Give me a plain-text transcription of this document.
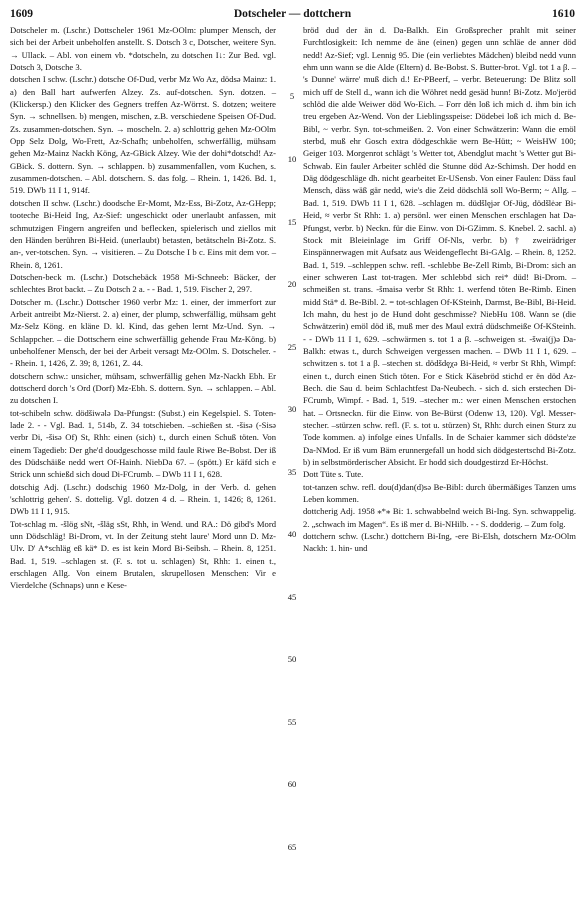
1609	Dotscheler — dottchern	1610

Dotscheler m. (Lschr.) Dottscheler 1961 Mz-OOlm: plumper Mensch, der sich bei der Arbeit unbeholfen anstellt. S. Dotsch 3 c, Dotscher, weitere Syn. → Ullack. – Abl. von einem vb. *dotscheln, zu dotschen I↓: Zur Bed. vgl. Dotsch 3, Dotsche 3.

dotschen I schw. (Lschr.) dotsche Of-Dud, verbr Mz Wo Az, dödsə Mainz: 1. a) den Ball hart aufwerfen Alzey. Zs. auf-dotschen. Syn. dotzen. – (Klickersp.) den Klicker des Gegners treffen Az-Wörrst. S. dotzen; weitere Syn. → schnellsen. b) mengen, mischen, z.B. verschiedene Speisen Of-Dud. Zs. zusammen-dotschen. Syn. → moscheln. 2. a) schlottrig gehen Mz-OOlm Opp Selz Dolg, Wo-Frett, Az-Schafh; unbeholfen, schwerfällig, mühsam gehen Mz-Mainz Nackh Köng, Az-GBick Alzey. Wie der dohi*dotschd! Az-GBick. S. dottern. Syn. → schlappen. b) zusammenfallen, vom Kuchen, s. zusammen-dotschen. – Abl. dotschern. S. das folg. – Rhein. 1, 1426. Bd. 1, 519. DWb 11 I 1, 914f.

dotschen II schw. (Lschr.) doodsche Er-Momt, Mz-Ess, Bi-Zotz, Az-GHepp; tooteche Bi-Heid Ing, Az-Sief: ungeschickt oder unerlaubt anfassen, mit schmutzigen Fingern angreifen und beflecken, spielerisch und ziellos mit den Händen berühren Bi-Heid. (unerlaubt) betasten, betätscheln Bi-Zotz. S. an-, ver-totschen. Syn. → visitieren. – Zu Dotsche I b c. Eins mit dem vor. – Rhein. 8, 1261.

Dotschen-beck m. (Lschr.) Dotschebäck 1958 Mi-Schneeb: Bäcker, der schlechtes Brot backt. – Zu Dotsch 2 a. - - Bad. 1, 519. Fischer 2, 297.

Dotscher m. (Lschr.) Dottscher 1960 verbr Mz: 1. einer, der immerfort zur Arbeit antreibt Mz-Nierst. 2. a) einer, der plump, schwerfällig, mühsam geht Mz-Selz Köng. en kläne D. kl. Kind, das gehen lernt Mz-Und. Syn. → Schlappcher. – die Dottschern eine schwerfällig gehende Frau Mz-Köng. b) unbeholfener Mensch, der bei der Arbeit versagt Mz-OOlm. S. Dotscheler. - - Rhein. 1, 1426, Z. 39; 8, 1261, Z. 44.

dotschern schw.: unsicher, mühsam, schwerfällig gehen Mz-Nackh Ebh. Er dottscherd dorch 's Ord (Dorf) Mz-Ebh. S. dottern. Syn. → schlappen. – Abl. zu dotschen I.

tot-schibeln schw. dödšiwələ Da-Pfungst: (Subst.) ein Kegelspiel. S. Toten-lade 2. - - Vgl. Bad. 1, 514b, Z. 34 totschieben. –schießen st. -šisə (-Sisə verbr Di, -šisə Of) St, Rhh: einen (sich) t., durch einen Schuß töten. Von einem Tagedieb: Der ghe'd doudgeschosse mild faule Riwe Be-Bobst. Der iß des Düdschäiße nedd wert Of-Hainh. NiebDa 67. – (spött.) Er käfd sich e Strick unn schießd sich doud Di-FCrumb. – DWb 11 I 1, 628.

dotschig Adj. (Lschr.) dodschig 1960 Mz-Dolg, in der Verb. d. gehen 'schlottrig gehen'. S. dottelig. Vgl. dotzen 4 d. – Rhein. 1, 1426; 8, 1261. DWb 11 I 1, 915.

Tot-schlag m. -šlög sNt, -šläg sSt, Rhh, in Wend. und RA.: Dö gibd's Mord unn Dödschläg! Bi-Drom, vt. In der Zeitung steht laure' Mord unn D. Mz-Ulv. D' A*schläg eß kä* D. es ist kein Mord Bi-Seibsh. – Rhein. 8, 1251. Bad. 1, 519. –schlagen st. (F. s. tot u. schlagen) St, Rhh: 1. einen t., erschlagen Allg. Von einem Brutalen, skrupellosen Menschen: Vir e Vierdelche (Schnaps) unn e Kese-

5
10
15
20
25
30
35
40
45
50
55
60
65

bröd dud der än d. Da-Balkh. Ein Großsprecher prahlt mit seiner Furchtlosigkeit: Ich nemme de äne (einen) gegen unn schläe de anner död nedd! Az-Sief; vgl. Lennig 95. Die (ein verliebtes Mädchen) bleibd nedd vunn ehm unn wann se die Alde (Eltern) d. Be-Bobst. S. Butter-brot. Vgl. tot 1 a β. – 's Dunne' wärre' muß dich d.! Er-PBeerf, – verbr. Beteuerung: De Blitz soll mich uff de Stell d., wann ich die Wöhret nedd gesäd hunn! Bi-Zotz. Mo'jeröd schlöd die alde Weiwer död Wo-Eich. – Forr dën loß ich mich d. ihm bin ich treu ergeben Az-Wend. Von der Lieblingsspeise: Dödebei loß ich mich d. Be-Bibl, ~ verbr. Syn. tot-schmeißen. 2. Von einer Schwätzerin: Wann die emöl sterbd, muß ehr Gosch extra dödgeschkäe wern Be-Hütt; ~ WeisHW 100; Geiger 103. Morgenrot schlägt 's Wetter tot, Abendglut macht 's Wetter gut Bi-Schwab. Ein fauler Arbeiter schlëd die Stunne död Az-Schimsh. Der hodd en Däg dödgeschläge dh. nicht gearbeitet Er-USensb. Von einer Faulen: Däss faul Mensch, däss wäß gär nedd, wie's die Zeid dödschlä soll Wo-Berm; ~ Allg. – Bad. 1, 519. DWb 11 I 1, 628. –schlagen m. düdšlęjər Of-Jüg, dödšlėər Bi-Heid, ≈ verbr St Rhh: 1. a) persönl. wer einen Menschen erschlagen hat Da-Pfungst, verbr. b) Neckn. für die Einw. von Di-GZimm. S. Knebel. 2. sachl. a) Stock mit Bleieinlage im Griff Of-Nls, verbr. b) † zweirädriger Einspännerwagen mit Aufsatz aus Weidengeflecht Bi-GAlg. – Rhein. 8, 1252. Bad. 1, 519. –schleppen schw. refl. -schlebbe Be-Zell Rimb, Bi-Drom: sich an einer schweren Last tot-tragen. Mer schlebbd sich rei* düd! Bi-Drom. –schmeißen st. trans. -šmaisə verbr St Rhh: 1. werfend töten Be-Rimb. Einen midd Stä* d. Be-Bibl. 2. = tot-schlagen Of-KSteinh, Darmst, Be-Bibl, Bi-Heid. Ich mahn, du hest jo de Hund doht geschmisse? NiebHu 108. Wann se (die Schwätzerin) emöl död iß, muß mer des Maul extrá düdschmeiße Of-KSteinh. - - DWb 11 I 1, 629. –schwärmen s. tot 1 a β. –schweigen st. -šwai(j)ə Da-Balkh: etwas t., durch Schweigen vergessen machen. – DWb 11 I 1, 629. –schwitzen s. tot 1 a β. –stechen st. dödšdęχə Bi-Heid, ≈ verbr St Rhh, Wimpf: einen t., durch einen Stich töten. For e Stick Käsebröd stichd er ën död Az-Bech. die Sau d. beim Schlachtfest Da-Neubech. - sich d. sich erstechen Di-FCrumb, Wimpf. - Bad. 1, 519. –stecher m.: wer einen Menschen erstochen hat. – Ortsneckn. für die Einw. von Be-Bürst (Odenw 13, 120). Vgl. Messer-stecher. –stürzen schw. refl. (F. s. tot u. stürzen) St, Rhh: durch einen Sturz zu Tode kommen. a) infolge eines Unfalls. In de Schaier kammer sich dödste'ze Da-NMod. Er iß vum Bäm erunnergefall un hodd sich dödgestertschd Bi-Zotz. b) in selbstmörderischer Absicht. Er hodd sich doudgestirzd Er-Höchst.

Dott Tüte s. Tute.

tot-tanzen schw. refl. dou(d)dan(d)sə Be-Bibl: durch übermäßiges Tanzen ums Leben kommen.

dottcherig Adj. 1958 ⁎*⁎ Bi: 1. schwabbelnd weich Bi-Ing. Syn. schwappelig. 2. „schwach im Magen“. Es iß mer d. Bi-NHilb. - - S. dodderig. – Zum folg.

dottchern schw. (Lschr.) dottchern Bi-Ing, -ere Bi-Elsh, dotschern Mz-OOlm Nackh: 1. hin- und
